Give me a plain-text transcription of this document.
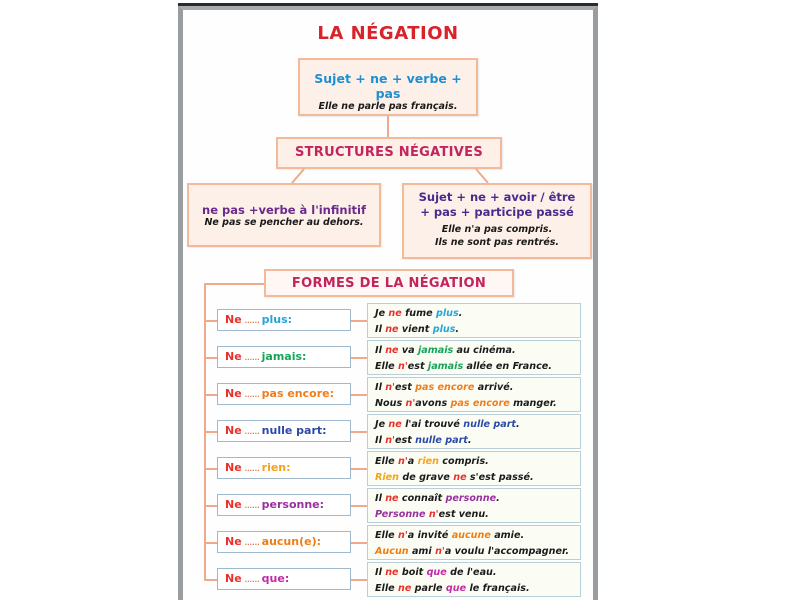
LA NÉGATION
Sujet + ne + verbe + pas
Elle ne parle pas français.
STRUCTURES NÉGATIVES
ne pas +verbe à l'infinitif
Ne pas se pencher au dehors.
Sujet + ne + avoir / être
+ pas + participe passé
Elle n'a pas compris.
Ils ne sont pas rentrés.
FORMES DE LA NÉGATION
Ne ...... plus:	Je ne fume plus.
Il ne vient plus.
Ne ...... jamais:	Il ne va jamais au cinéma.
Elle n'est jamais allée en France.
Ne ...... pas encore:	Il n'est pas encore arrivé.
Nous n'avons pas encore manger.
Ne ...... nulle part:	Je ne l'ai trouvé nulle part.
Il n'est nulle part.
Ne ...... rien:	Elle n'a rien compris.
Rien de grave ne s'est passé.
Ne ...... personne:	Il ne connaît personne.
Personne n'est venu.
Ne ...... aucun(e):	Elle n'a invité aucune amie.
Aucun ami n'a voulu l'accompagner.
Ne ...... que:	Il ne boit que de l'eau.
Elle ne parle que le français.
